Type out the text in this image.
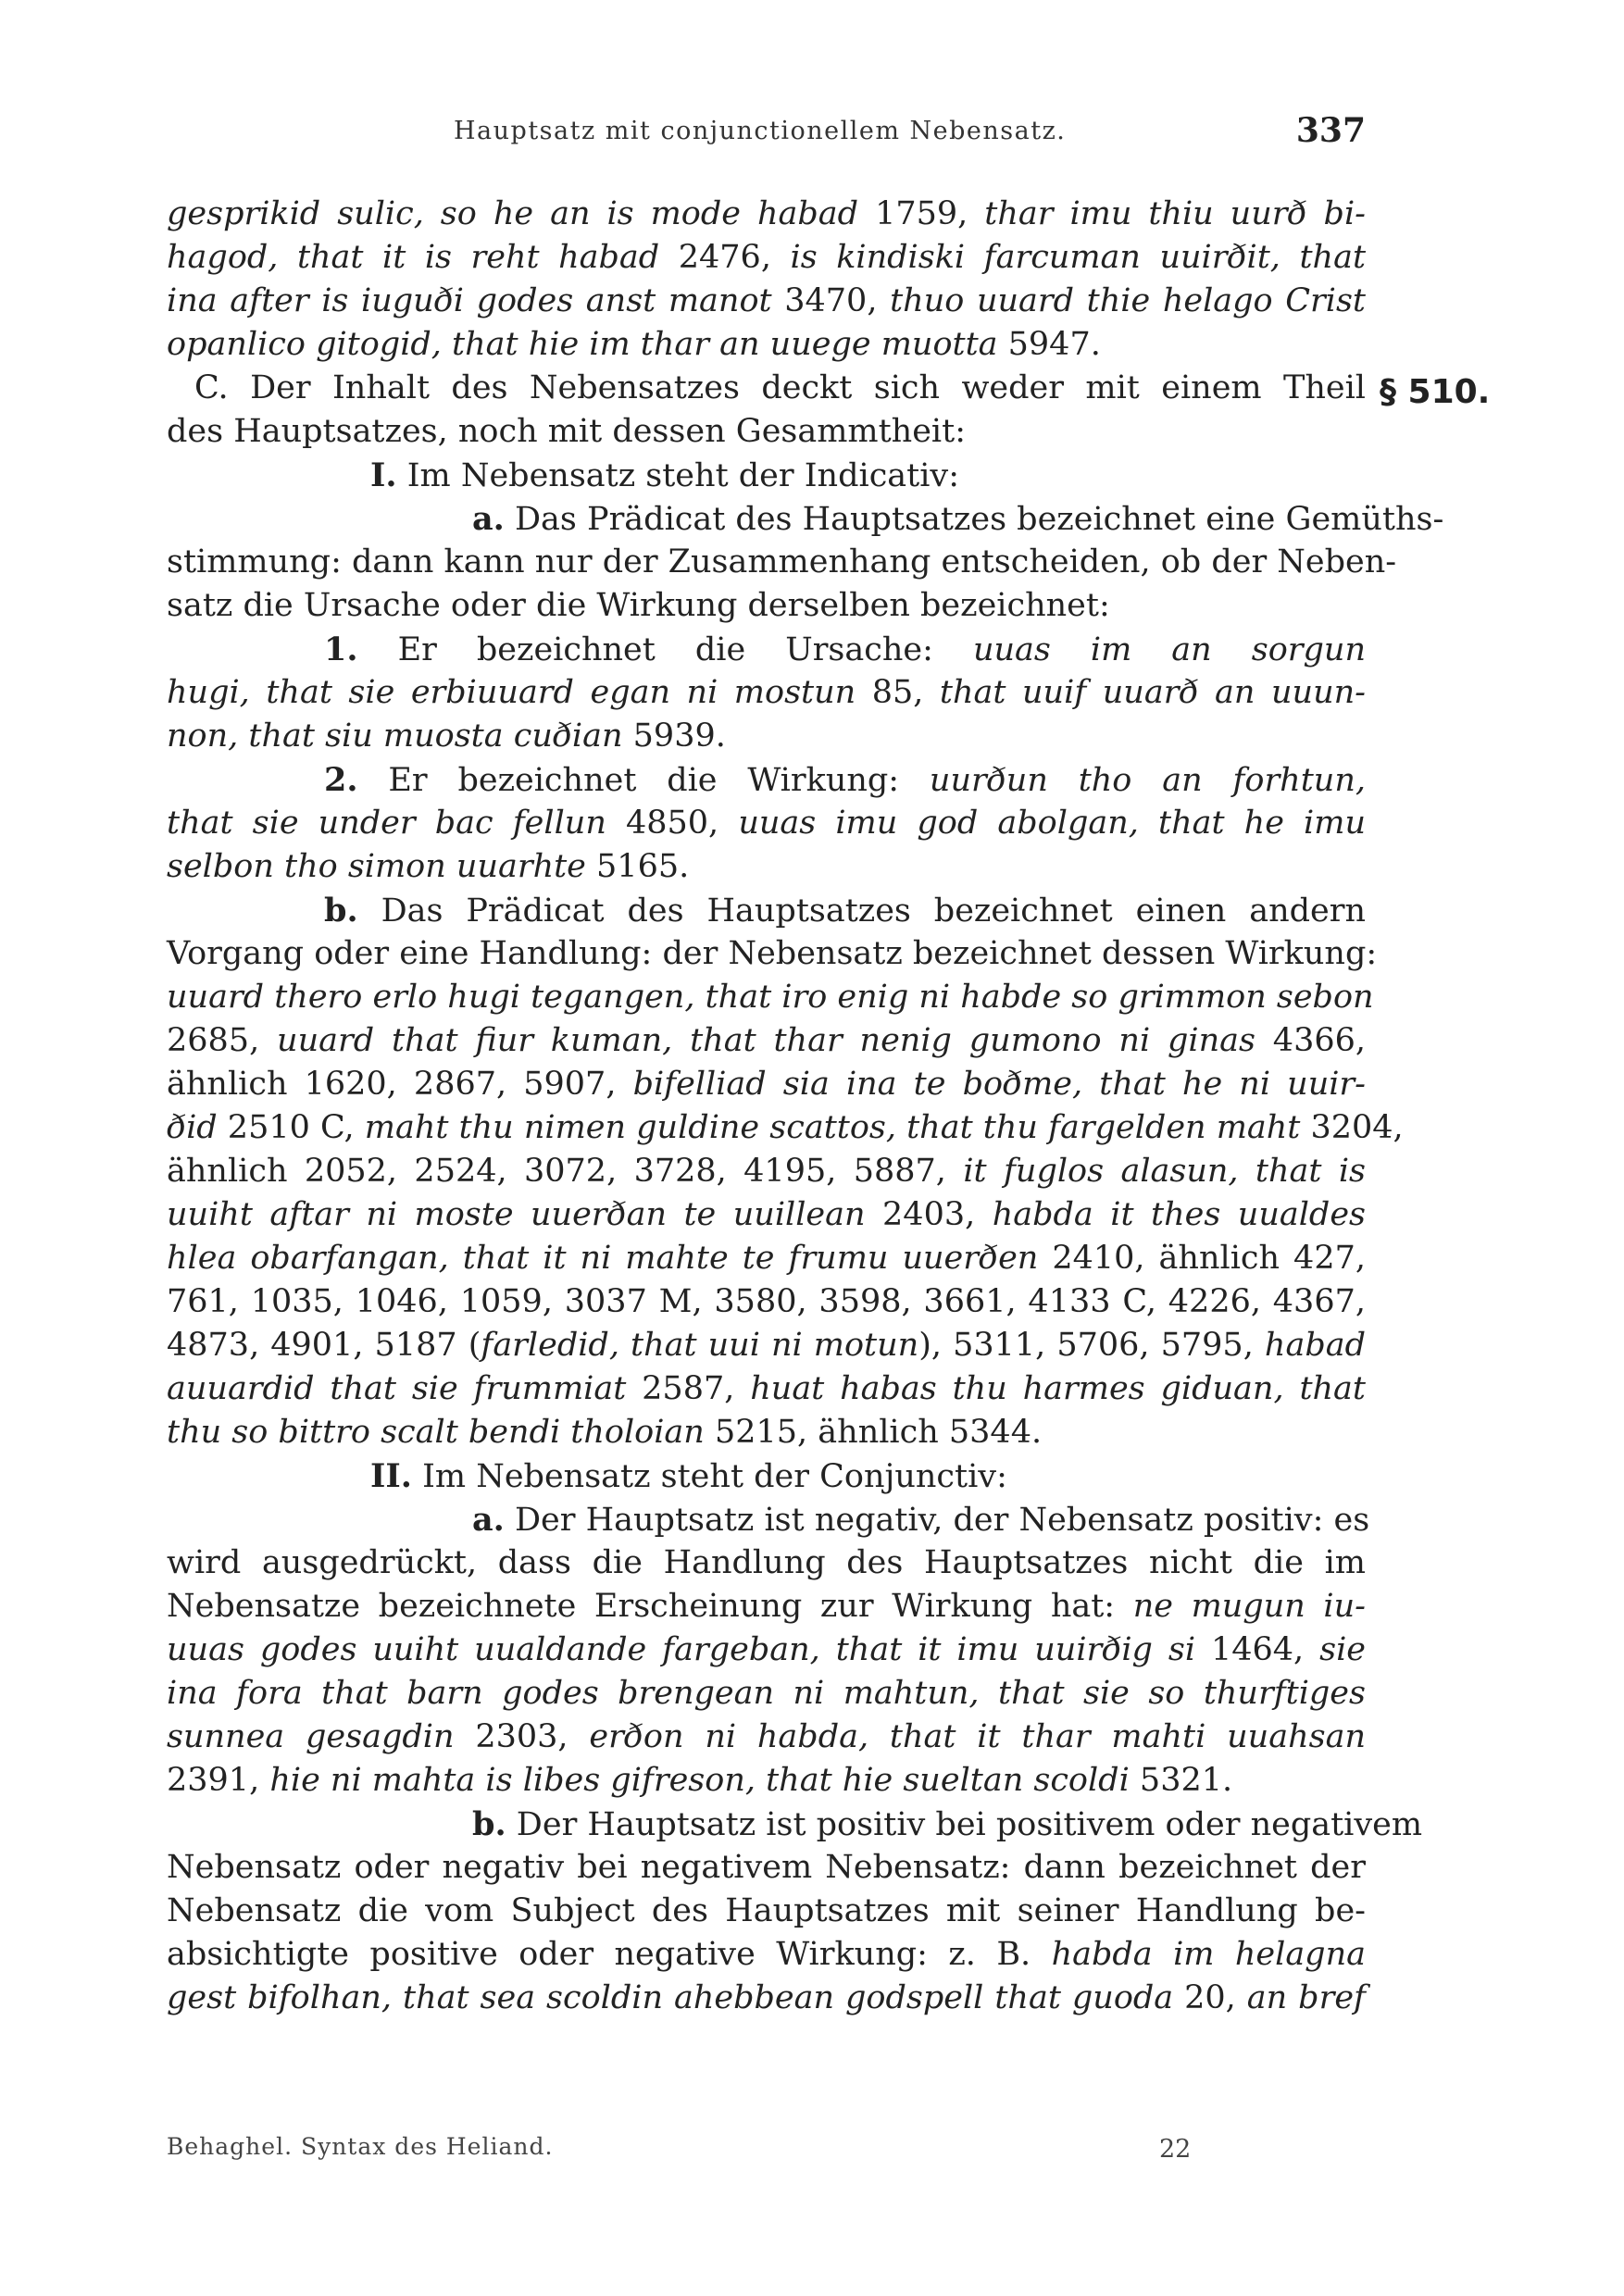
Hauptsatz mit conjunctionellem Nebensatz.	337
gesprikid sulic, so he an is mode habad 1759, thar imu thiu uurð bi-
hagod, that it is reht habad 2476, is kindiski farcuman uuirðit, that
ina after is iuguði godes anst manot 3470, thuo uuard thie helago Crist
opanlico gitogid, that hie im thar an uuege muotta 5947.
C. Der Inhalt des Nebensatzes deckt sich weder mit einem Theil § 510.
des Hauptsatzes, noch mit dessen Gesammtheit:
I. Im Nebensatz steht der Indicativ:
a. Das Prädicat des Hauptsatzes bezeichnet eine Gemüths-
stimmung: dann kann nur der Zusammenhang entscheiden, ob der Neben-
satz die Ursache oder die Wirkung derselben bezeichnet:
1. Er bezeichnet die Ursache: uuas im an sorgun
hugi, that sie erbiuuard egan ni mostun 85, that uuif uuarð an uuun-
non, that siu muosta cuðian 5939.
2. Er bezeichnet die Wirkung: uurðun tho an forhtun,
that sie under bac fellun 4850, uuas imu god abolgan, that he imu
selbon tho simon uuarhte 5165.
b. Das Prädicat des Hauptsatzes bezeichnet einen andern
Vorgang oder eine Handlung: der Nebensatz bezeichnet dessen Wirkung:
uuard thero erlo hugi tegangen, that iro enig ni habde so grimmon sebon
2685, uuard that fiur kuman, that thar nenig gumono ni ginas 4366,
ähnlich 1620, 2867, 5907, bifelliad sia ina te boðme, that he ni uuir-
ðid 2510 C, maht thu nimen guldine scattos, that thu fargelden maht 3204,
ähnlich 2052, 2524, 3072, 3728, 4195, 5887, it fuglos alasun, that is
uuiht aftar ni moste uuerðan te uuillean 2403, habda it thes uualdes
hlea obarfangan, that it ni mahte te frumu uuerðen 2410, ähnlich 427,
761, 1035, 1046, 1059, 3037 M, 3580, 3598, 3661, 4133 C, 4226, 4367,
4873, 4901, 5187 (farledid, that uui ni motun), 5311, 5706, 5795, habad
auuardid that sie frummiat 2587, huat habas thu harmes giduan, that
thu so bittro scalt bendi tholoian 5215, ähnlich 5344.
II. Im Nebensatz steht der Conjunctiv:
a. Der Hauptsatz ist negativ, der Nebensatz positiv: es
wird ausgedrückt, dass die Handlung des Hauptsatzes nicht die im
Nebensatze bezeichnete Erscheinung zur Wirkung hat: ne mugun iu-
uuas godes uuiht uualdande fargeban, that it imu uuirðig si 1464, sie
ina fora that barn godes brengean ni mahtun, that sie so thurftiges
sunnea gesagdin 2303, erðon ni habda, that it thar mahti uuahsan
2391, hie ni mahta is libes gifreson, that hie sueltan scoldi 5321.
b. Der Hauptsatz ist positiv bei positivem oder negativem
Nebensatz oder negativ bei negativem Nebensatz: dann bezeichnet der
Nebensatz die vom Subject des Hauptsatzes mit seiner Handlung be-
absichtigte positive oder negative Wirkung: z. B. habda im helagna
gest bifolhan, that sea scoldin ahebbean godspell that guoda 20, an bref
Behaghel. Syntax des Heliand.	22
